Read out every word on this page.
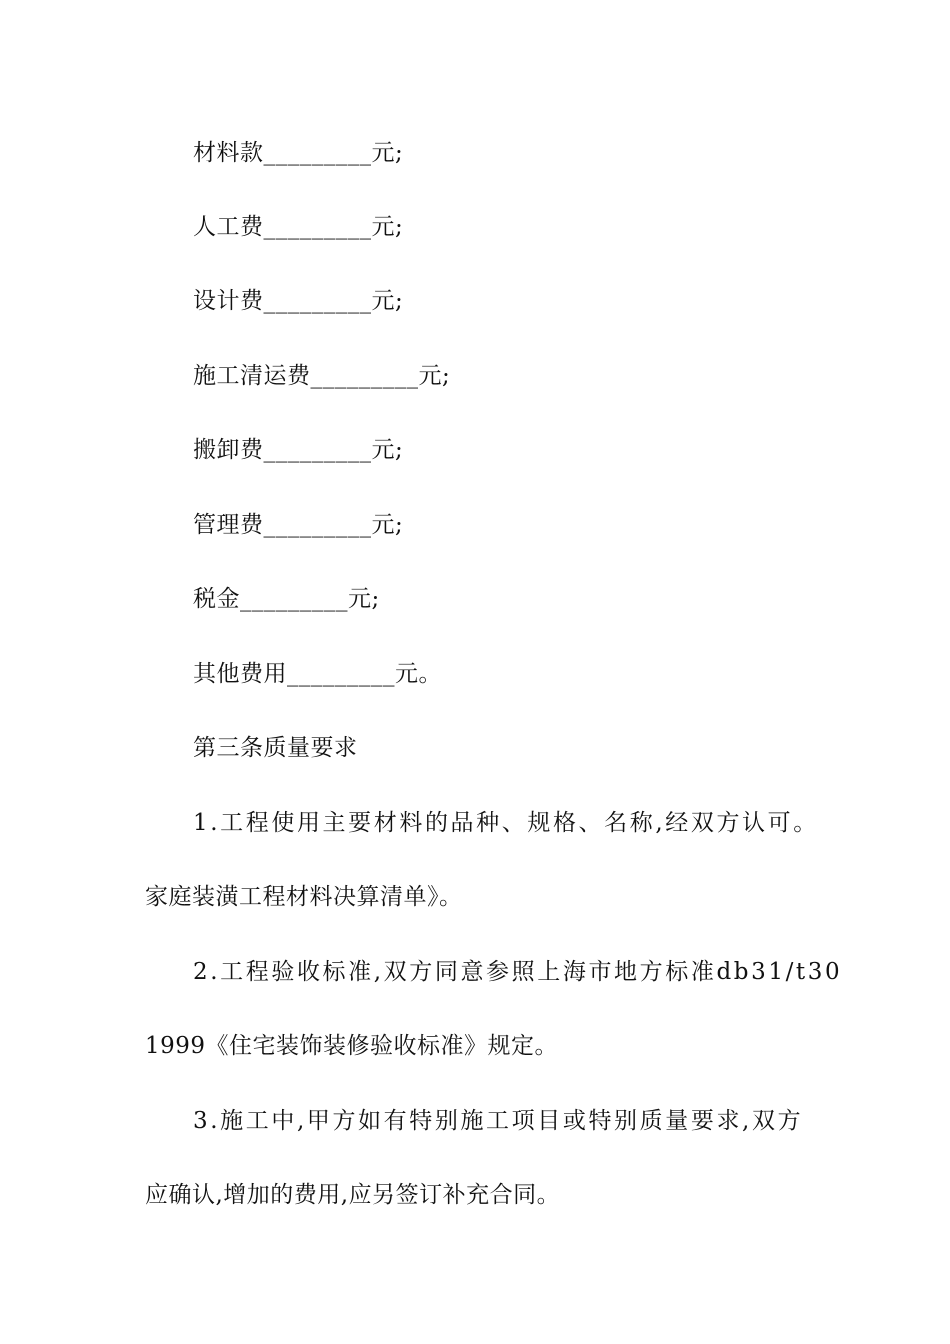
材料款_________元;
人工费_________元;
设计费_________元;
施工清运费_________元;
搬卸费_________元;
管理费_________元;
税金_________元;
其他费用_________元。
第三条质量要求
1.工程使用主要材料的品种、规格、名称,经双方认可。
家庭装潢工程材料决算清单》。
2.工程验收标准,双方同意参照上海市地方标准db31/t30
1999《住宅装饰装修验收标准》规定。
3.施工中,甲方如有特别施工项目或特别质量要求,双方
应确认,增加的费用,应另签订补充合同。
